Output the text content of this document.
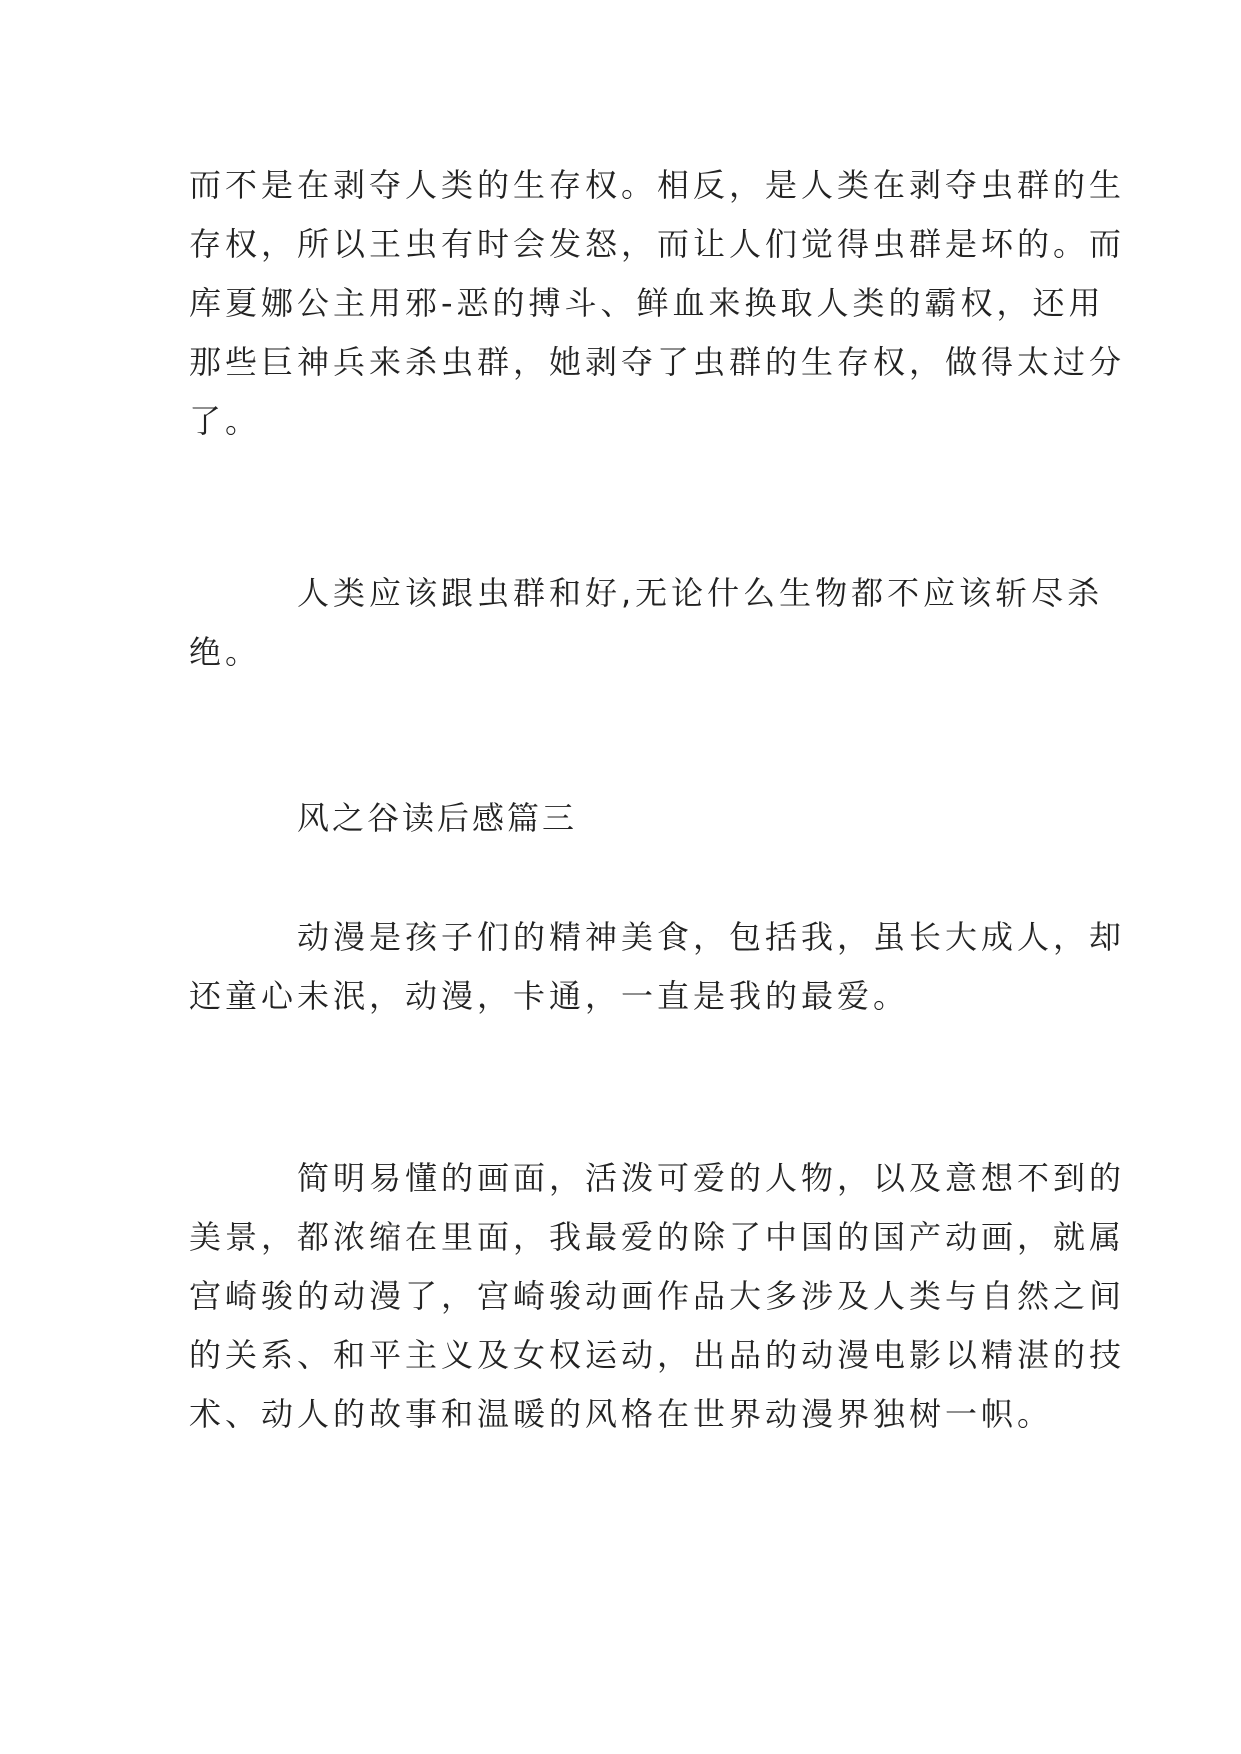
而不是在剥夺人类的生存权。相反，是人类在剥夺虫群的生
存权，所以王虫有时会发怒，而让人们觉得虫群是坏的。而
库夏娜公主用邪-恶的搏斗、鲜血来换取人类的霸权，还用
那些巨神兵来杀虫群，她剥夺了虫群的生存权，做得太过分
了。

人类应该跟虫群和好,无论什么生物都不应该斩尽杀
绝。

风之谷读后感篇三

动漫是孩子们的精神美食，包括我，虽长大成人，却
还童心未泯，动漫，卡通，一直是我的最爱。

简明易懂的画面，活泼可爱的人物，以及意想不到的
美景，都浓缩在里面，我最爱的除了中国的国产动画，就属
宫崎骏的动漫了，宫崎骏动画作品大多涉及人类与自然之间
的关系、和平主义及女权运动，出品的动漫电影以精湛的技
术、动人的故事和温暖的风格在世界动漫界独树一帜。
